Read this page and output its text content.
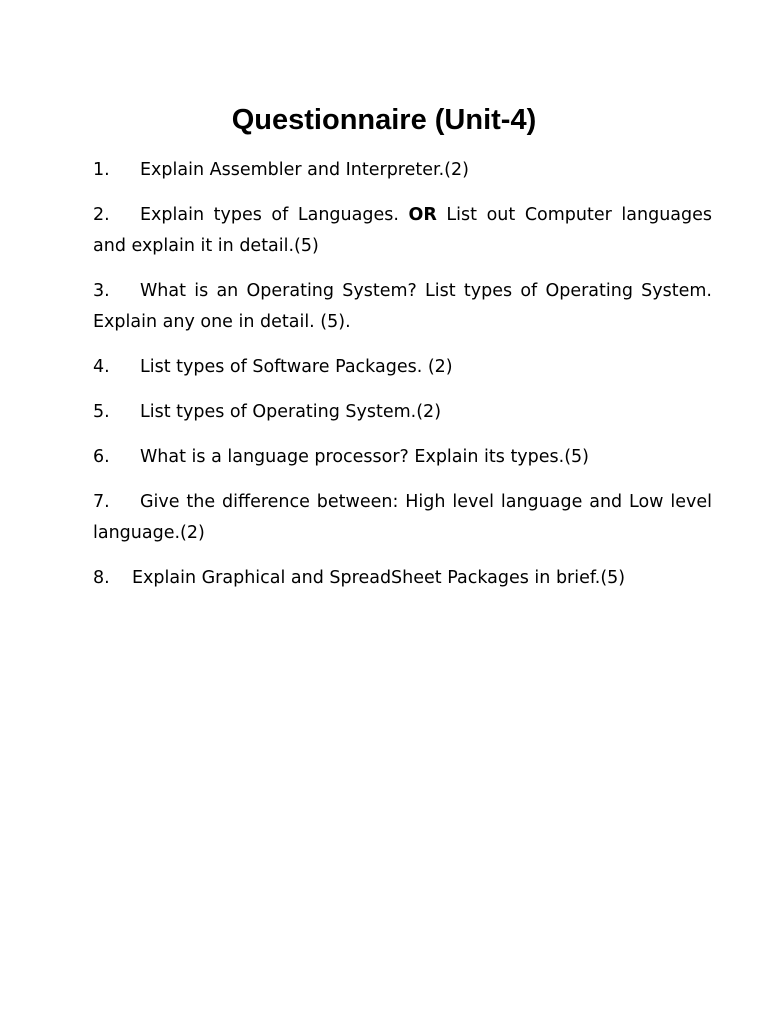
Questionnaire (Unit-4)

1. Explain Assembler and Interpreter.(2)

2. Explain types of Languages. OR List out Computer languages and explain it in detail.(5)

3. What is an Operating System? List types of Operating System. Explain any one in detail. (5).

4. List types of Software Packages. (2)

5. List types of Operating System.(2)

6. What is a language processor? Explain its types.(5)

7. Give the difference between: High level language and Low level language.(2)

8. Explain Graphical and SpreadSheet Packages in brief.(5)
